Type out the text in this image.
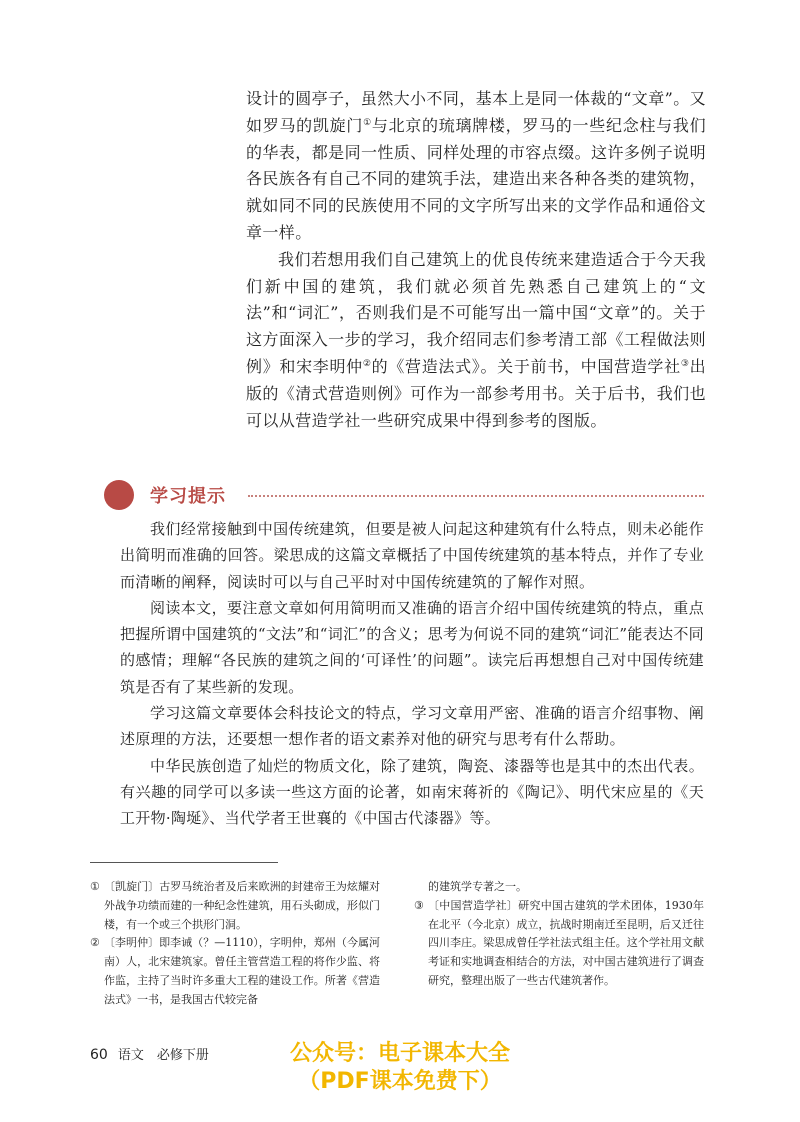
设计的圆亭子，虽然大小不同，基本上是同一体裁的“文章”。又如罗马的凯旋门①与北京的琉璃牌楼，罗马的一些纪念柱与我们的华表，都是同一性质、同样处理的市容点缀。这许多例子说明各民族各有自己不同的建筑手法，建造出来各种各类的建筑物，就如同不同的民族使用不同的文字所写出来的文学作品和通俗文章一样。

我们若想用我们自己建筑上的优良传统来建造适合于今天我们新中国的建筑，我们就必须首先熟悉自己建筑上的“文法”和“词汇”，否则我们是不可能写出一篇中国“文章”的。关于这方面深入一步的学习，我介绍同志们参考清工部《工程做法则例》和宋李明仲②的《营造法式》。关于前书，中国营造学社③出版的《清式营造则例》可作为一部参考用书。关于后书，我们也可以从营造学社一些研究成果中得到参考的图版。

学习提示

我们经常接触到中国传统建筑，但要是被人问起这种建筑有什么特点，则未必能作出简明而准确的回答。梁思成的这篇文章概括了中国传统建筑的基本特点，并作了专业而清晰的阐释，阅读时可以与自己平时对中国传统建筑的了解作对照。

阅读本文，要注意文章如何用简明而又准确的语言介绍中国传统建筑的特点，重点把握所谓中国建筑的“文法”和“词汇”的含义；思考为何说不同的建筑“词汇”能表达不同的感情；理解“各民族的建筑之间的‘可译性’的问题”。读完后再想想自己对中国传统建筑是否有了某些新的发现。

学习这篇文章要体会科技论文的特点，学习文章用严密、准确的语言介绍事物、阐述原理的方法，还要想一想作者的语文素养对他的研究与思考有什么帮助。

中华民族创造了灿烂的物质文化，除了建筑，陶瓷、漆器等也是其中的杰出代表。有兴趣的同学可以多读一些这方面的论著，如南宋蒋祈的《陶记》、明代宋应星的《天工开物·陶埏》、当代学者王世襄的《中国古代漆器》等。

① 〔凯旋门〕古罗马统治者及后来欧洲的封建帝王为炫耀对外战争功绩而建的一种纪念性建筑，用石头砌成，形似门楼，有一个或三个拱形门洞。
② 〔李明仲〕即李诫（？—1110），字明仲，郑州（今属河南）人，北宋建筑家。曾任主管营造工程的将作少监、将作监，主持了当时许多重大工程的建设工作。所著《营造法式》一书，是我国古代较完备

的建筑学专著之一。

③ 〔中国营造学社〕研究中国古建筑的学术团体，1930年在北平（今北京）成立，抗战时期南迁至昆明，后又迁往四川李庄。梁思成曾任学社法式组主任。这个学社用文献考证和实地调查相结合的方法，对中国古建筑进行了调查研究，整理出版了一些古代建筑著作。
60 语文　必修下册	公众号：电子课本大全
（PDF课本免费下）
